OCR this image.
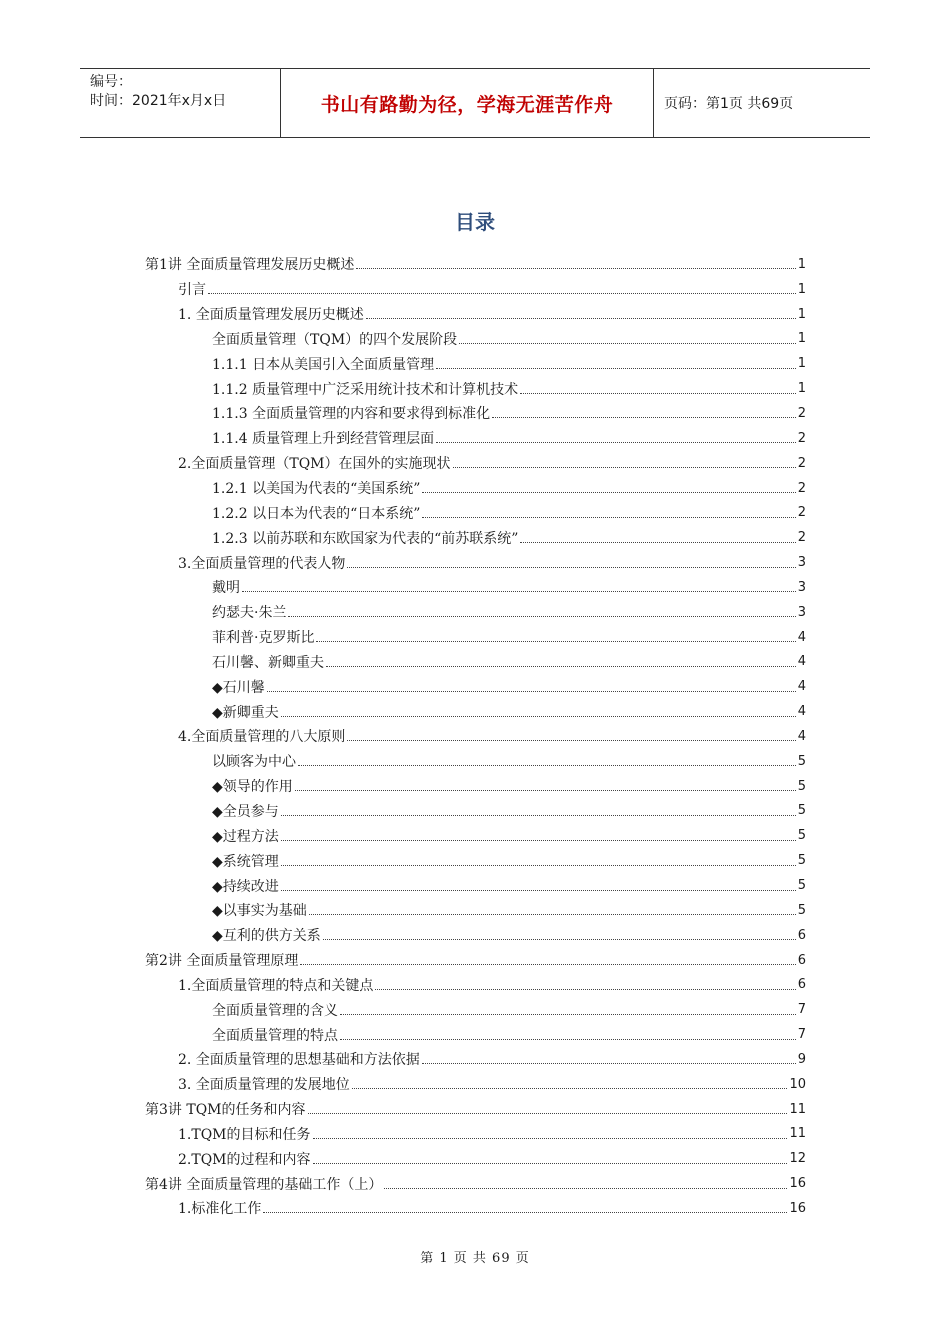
编号：
时间：2021年x月x日	书山有路勤为径，学海无涯苦作舟	页码：第1页 共69页
目录
第1讲 全面质量管理发展历史概述	1
引言	1
1. 全面质量管理发展历史概述	1
全面质量管理（TQM）的四个发展阶段	1
1.1.1 日本从美国引入全面质量管理	1
1.1.2 质量管理中广泛采用统计技术和计算机技术	1
1.1.3 全面质量管理的内容和要求得到标准化	2
1.1.4 质量管理上升到经营管理层面	2
2.全面质量管理（TQM）在国外的实施现状	2
1.2.1 以美国为代表的“美国系统”	2
1.2.2 以日本为代表的“日本系统”	2
1.2.3 以前苏联和东欧国家为代表的“前苏联系统”	2
3.全面质量管理的代表人物	3
戴明	3
约瑟夫·朱兰	3
菲利普·克罗斯比	4
石川馨、新卿重夫	4
◆石川馨	4
◆新卿重夫	4
4.全面质量管理的八大原则	4
以顾客为中心	5
◆领导的作用	5
◆全员参与	5
◆过程方法	5
◆系统管理	5
◆持续改进	5
◆以事实为基础	5
◆互利的供方关系	6
第2讲 全面质量管理原理	6
1.全面质量管理的特点和关键点	6
全面质量管理的含义	7
全面质量管理的特点	7
2. 全面质量管理的思想基础和方法依据	9
3. 全面质量管理的发展地位	10
第3讲 TQM的任务和内容	11
1.TQM的目标和任务	11
2.TQM的过程和内容	12
第4讲 全面质量管理的基础工作（上）	16
1.标准化工作	16
第 1 页 共 69 页
